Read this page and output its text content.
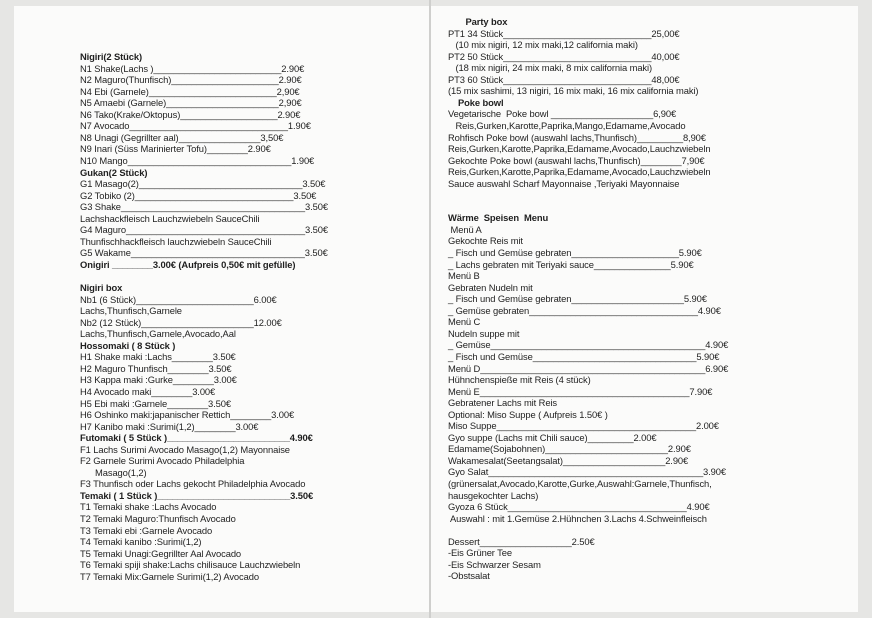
Nigiri(2 Stück)
N1 Shake(Lachs )_________________________2.90€
N2 Maguro(Thunfisch)_____________________2.90€
N4 Ebi (Garnele)_________________________2,90€
N5 Amaebi (Garnele)______________________2,90€
N6 Tako(Krake/Oktopus)___________________2.90€
N7 Avocado_______________________________1.90€
N8 Unagi (Gegrillter aal)________________3,50€
N9 Inari (Süss Marinierter Tofu)________2.90€
N10 Mango________________________________1.90€
Gukan(2 Stück)
G1 Masago(2)________________________________3.50€
G2 Tobiko (2)_______________________________3.50€
G3 Shake____________________________________3.50€
Lachshackfleisch Lauchzwiebeln SauceChili
G4 Maguro___________________________________3.50€
Thunfischhackfleisch lauchzwiebeln SauceChili
G5 Wakame__________________________________3.50€
Onigiri ________3.00€ (Aufpreis 0,50€ mit gefülle)
Nigiri box
Nb1 (6 Stück)_______________________6.00€
Lachs,Thunfisch,Garnele
Nb2 (12 Stück)______________________12.00€
Lachs,Thunfisch,Garnele,Avocado,Aal
Hossomaki ( 8 Stück )
H1 Shake maki :Lachs________3.50€
H2 Maguro Thunfisch________3.50€
H3 Kappa maki :Gurke________3.00€
H4 Avocado maki________3.00€
H5 Ebi maki :Garnele________3.50€
H6 Oshinko maki:japanischer Rettich________3.00€
H7 Kanibo maki :Surimi(1,2)________3.00€
Futomaki ( 5 Stück )________________________4.90€
F1 Lachs Surimi Avocado Masago(1,2) Mayonnaise
F2 Garnele Surimi Avocado Philadelphia
Masago(1,2)
F3 Thunfisch oder Lachs gekocht Philadelphia Avocado
Temaki ( 1 Stück )__________________________3.50€
T1 Temaki shake :Lachs Avocado
T2 Temaki Maguro:Thunfisch Avocado
T3 Temaki ebi :Garnele Avocado
T4 Temaki kanibo :Surimi(1,2)
T5 Temaki Unagi:Gegrillter Aal Avocado
T6 Temaki spiji shake:Lachs chilisauce Lauchzwiebeln
T7 Temaki Mix:Garnele Surimi(1,2) Avocado
Party box
PT1 34 Stück_____________________________25,00€
(10 mix nigiri, 12 mix maki,12 california maki)
PT2 50 Stück_____________________________40,00€
(18 mix nigiri, 24 mix maki, 8 mix california maki)
PT3 60 Stück_____________________________48,00€
(15 mix sashimi, 13 nigiri, 16 mix maki, 16 mix california maki)
Poke bowl
Vegetarische  Poke bowl ____________________6,90€
Reis,Gurken,Karotte,Paprika,Mango,Edamame,Avocado
Rohfisch Poke bowl (auswahl lachs,Thunfisch)_________8,90€
Reis,Gurken,Karotte,Paprika,Edamame,Avocado,Lauchzwiebeln
Gekochte Poke bowl (auswahl lachs,Thunfisch)________7,90€
Reis,Gurken,Karotte,Paprika,Edamame,Avocado,Lauchzwiebeln
Sauce auswahl Scharf Mayonnaise ,Teriyaki Mayonnaise
Wärme  Speisen  Menu
Menü A
Gekochte Reis mit
_ Fisch und Gemüse gebraten_____________________5.90€
_ Lachs gebraten mit Teriyaki sauce_______________5.90€
Menü B
Gebraten Nudeln mit
_ Fisch und Gemüse gebraten______________________5.90€
_ Gemüse gebraten_________________________________4.90€
Menü C
Nudeln suppe mit
_ Gemüse__________________________________________4.90€
_ Fisch und Gemüse________________________________5.90€
Menü D____________________________________________6.90€
Hühnchenspieße mit Reis (4 stück)
Menü E_________________________________________7.90€
Gebratener Lachs mit Reis
Optional: Miso Suppe ( Aufpreis 1.50€ )
Miso Suppe_______________________________________2.00€
Gyo suppe (Lachs mit Chili sauce)_________2.00€
Edamame(Sojabohnen)________________________2.90€
Wakamesalat(Seetangsalat)____________________2.90€
Gyo Salat__________________________________________3.90€
(grünersalat,Avocado,Karotte,Gurke,Auswahl:Garnele,Thunfisch,
hausgekochter Lachs)
Gyoza 6 Stück___________________________________4.90€
Auswahl : mit 1.Gemüse 2.Hühnchen 3.Lachs 4.Schweinfleisch
Dessert__________________2.50€
-Eis Grüner Tee
-Eis Schwarzer Sesam
-Obstsalat
